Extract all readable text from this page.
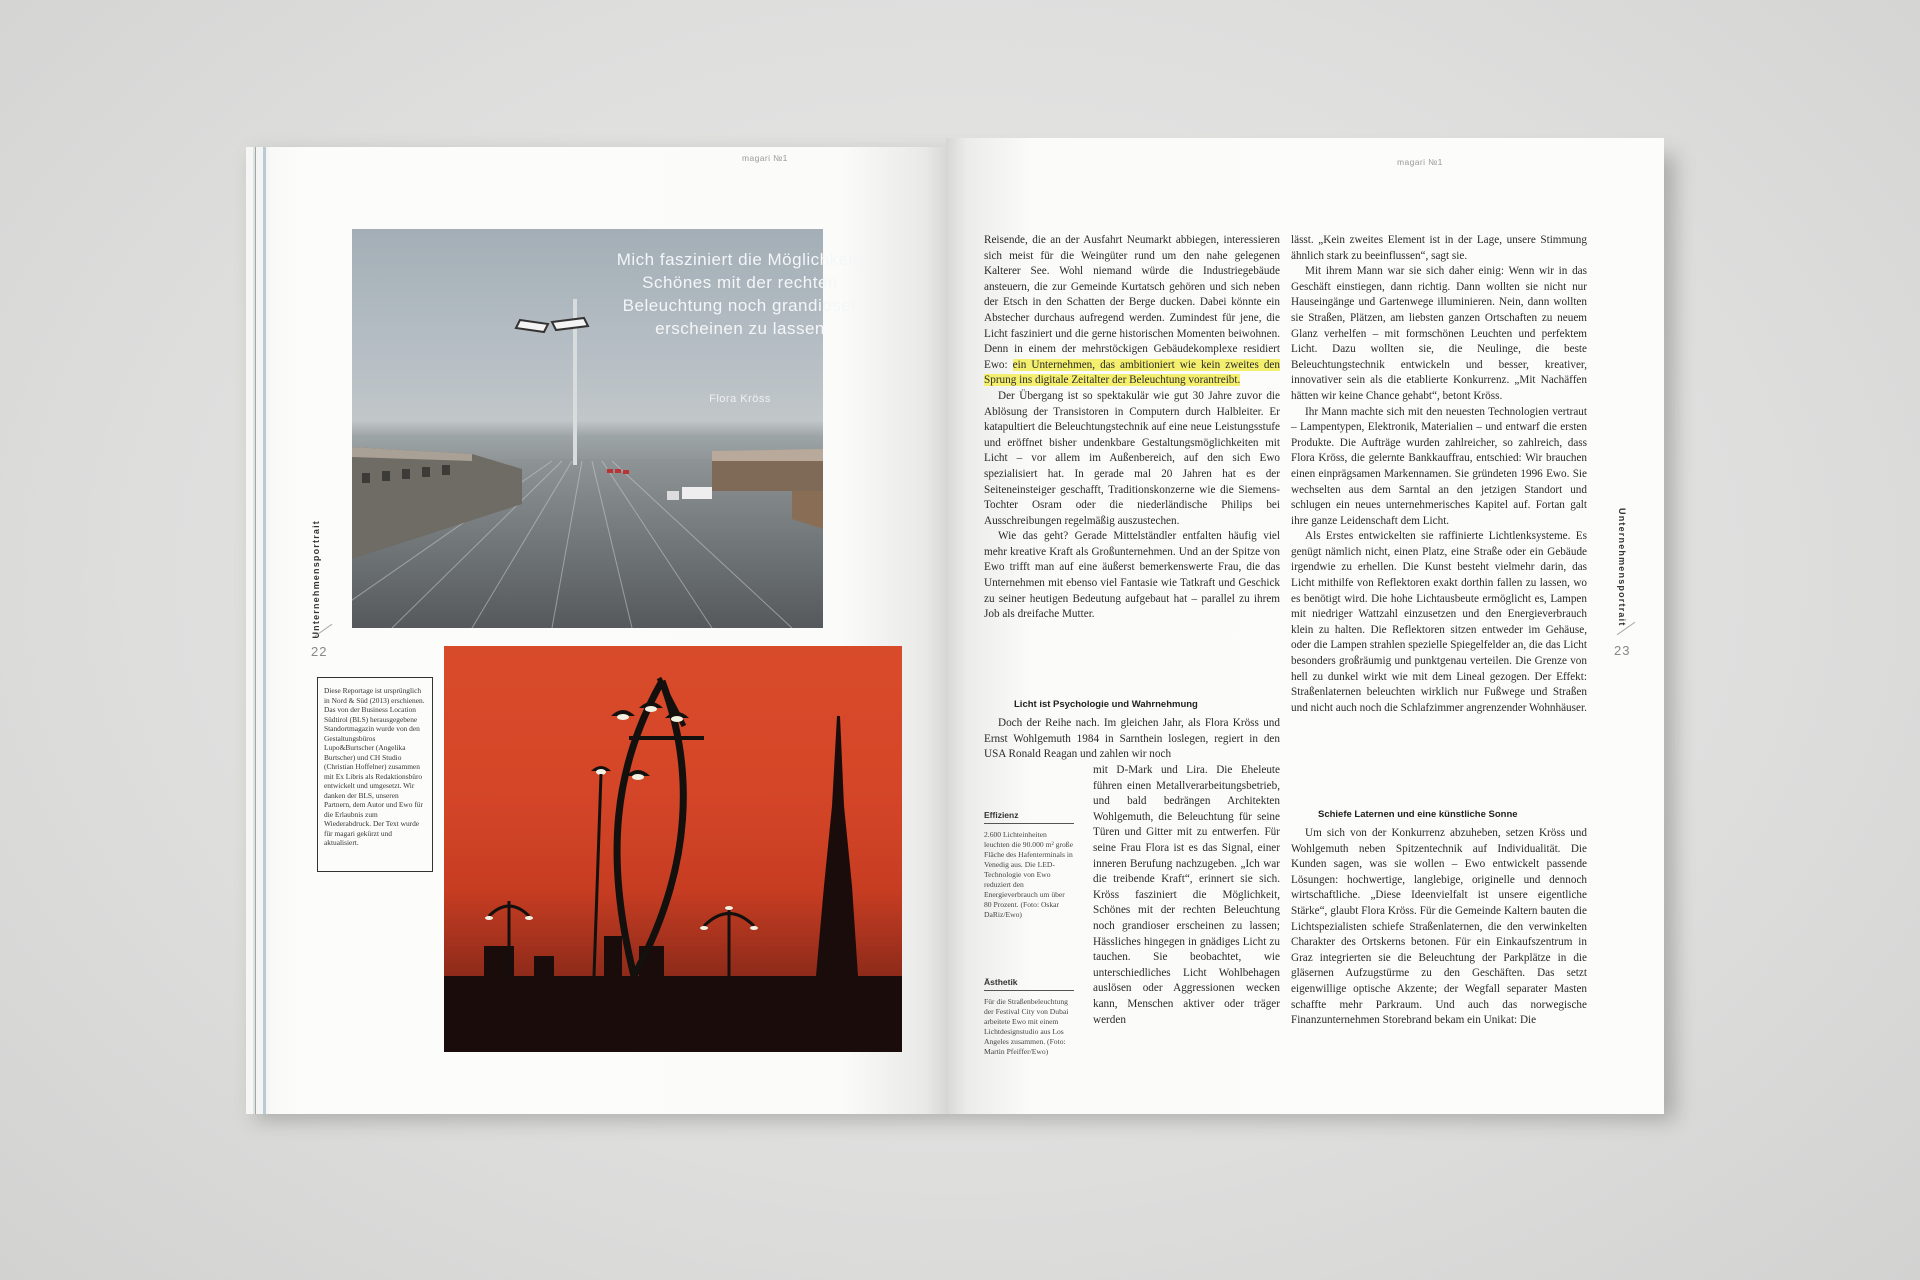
magari №1
Unternehmensportrait
22
Mich fasziniert die Möglichkeit, Schönes mit der rechten Beleuchtung noch grandioser erscheinen zu lassen
Flora Kröss
Diese Reportage ist ursprünglich in Nord & Süd (2013) erschienen. Das von der Business Location Südtirol (BLS) herausgegebene Standortmagazin wurde von den Gestaltungsbüros Lupo&Burtscher (Angelika Burtscher) und CH Studio (Christian Hoffelner) zusammen mit Ex Libris als Redaktionsbüro entwickelt und umgesetzt. Wir danken der BLS, unseren Partnern, dem Autor und Ewo für die Erlaubnis zum Wiederabdruck. Der Text wurde für magari gekürzt und aktualisiert.
magari №1
Unternehmensportrait
23

Reisende, die an der Ausfahrt Neumarkt abbiegen, interessieren sich meist für die Weingüter rund um den nahe gelegenen Kalterer See. Wohl niemand würde die Industriegebäude ansteuern, die zur Gemeinde Kurtatsch gehören und sich neben der Etsch in den Schatten der Berge ducken. Dabei könnte ein Abstecher durchaus aufregend werden. Zumindest für jene, die Licht fasziniert und die gerne historischen Momenten beiwohnen. Denn in einem der mehrstöckigen Gebäudekomplexe residiert Ewo: ein Unternehmen, das ambitioniert wie kein zweites den Sprung ins digitale Zeitalter der Beleuchtung vorantreibt.

Der Übergang ist so spektakulär wie gut 30 Jahre zuvor die Ablösung der Transistoren in Computern durch Halbleiter. Er katapultiert die Beleuchtungstechnik auf eine neue Leistungsstufe und eröffnet bisher undenkbare Gestaltungsmöglichkeiten mit Licht – vor allem im Außenbereich, auf den sich Ewo spezialisiert hat. In gerade mal 20 Jahren hat es der Seiteneinsteiger geschafft, Traditionskonzerne wie die Siemens-Tochter Osram oder die niederländische Philips bei Ausschreibungen regelmäßig auszustechen.

Wie das geht? Gerade Mittelständler entfalten häufig viel mehr kreative Kraft als Großunternehmen. Und an der Spitze von Ewo trifft man auf eine äußerst bemerkenswerte Frau, die das Unternehmen mit ebenso viel Fantasie wie Tatkraft und Geschick zu seiner heutigen Bedeutung aufgebaut hat – parallel zu ihrem Job als dreifache Mutter.

Licht ist Psychologie und Wahrnehmung

Doch der Reihe nach. Im gleichen Jahr, als Flora Kröss und Ernst Wohlgemuth 1984 in Sarnthein loslegen, regiert in den USA Ronald Reagan und zahlen wir noch

mit D-Mark und Lira. Die Eheleute führen einen Metallverarbeitungsbetrieb, und bald bedrängen Architekten Wohlgemuth, die Beleuchtung für seine Türen und Gitter mit zu entwerfen. Für seine Frau Flora ist es das Signal, einer inneren Berufung nachzugeben. „Ich war die treibende Kraft“, erinnert sie sich. Kröss fasziniert die Möglichkeit, Schönes mit der rechten Beleuchtung noch grandioser erscheinen zu lassen; Hässliches hingegen in gnädiges Licht zu tauchen. Sie beobachtet, wie unterschiedliches Licht Wohlbehagen auslösen oder Aggressionen wecken kann, Menschen aktiver oder träger werden

Effizienz
2.600 Lichteinheiten leuchten die 90.000 m² große Fläche des Hafenterminals in Venedig aus. Die LED-Technologie von Ewo reduziert den Energieverbrauch um über 80 Prozent. (Foto: Oskar DaRiz/Ewo)
Ästhetik
Für die Straßenbeleuchtung der Festival City von Dubai arbeitete Ewo mit einem Lichtdesignstudio aus Los Angeles zusammen. (Foto: Martin Pfeiffer/Ewo)

lässt. „Kein zweites Element ist in der Lage, unsere Stimmung ähnlich stark zu beeinflussen“, sagt sie.

Mit ihrem Mann war sie sich daher einig: Wenn wir in das Geschäft einstiegen, dann richtig. Dann wollten sie nicht nur Hauseingänge und Gartenwege illuminieren. Nein, dann wollten sie Straßen, Plätzen, am liebsten ganzen Ortschaften zu neuem Glanz verhelfen – mit formschönen Leuchten und perfektem Licht. Dazu wollten sie, die Neulinge, die beste Beleuchtungstechnik entwickeln und besser, kreativer, innovativer sein als die etablierte Konkurrenz. „Mit Nachäffen hätten wir keine Chance gehabt“, betont Kröss.

Ihr Mann machte sich mit den neuesten Technologien vertraut – Lampentypen, Elektronik, Materialien – und entwarf die ersten Produkte. Die Aufträge wurden zahlreicher, so zahlreich, dass Flora Kröss, die gelernte Bankkauffrau, entschied: Wir brauchen einen einprägsamen Markennamen. Sie gründeten 1996 Ewo. Sie wechselten aus dem Sarntal an den jetzigen Standort und schlugen ein neues unternehmerisches Kapitel auf. Fortan galt ihre ganze Leidenschaft dem Licht.

Als Erstes entwickelten sie raffinierte Lichtlenksysteme. Es genügt nämlich nicht, einen Platz, eine Straße oder ein Gebäude irgendwie zu erhellen. Die Kunst besteht vielmehr darin, das Licht mithilfe von Reflektoren exakt dorthin fallen zu lassen, wo es benötigt wird. Die hohe Lichtausbeute ermöglicht es, Lampen mit niedriger Wattzahl einzusetzen und den Energieverbrauch klein zu halten. Die Reflektoren sitzen entweder im Gehäuse, oder die Lampen strahlen spezielle Spiegelfelder an, die das Licht besonders großräumig und punktgenau verteilen. Die Grenze von hell zu dunkel wirkt wie mit dem Lineal gezogen. Der Effekt: Straßenlaternen beleuchten wirklich nur Fußwege und Straßen und nicht auch noch die Schlafzimmer angrenzender Wohnhäuser.

Schiefe Laternen und eine künstliche Sonne

Um sich von der Konkurrenz abzuheben, setzen Kröss und Wohlgemuth neben Spitzentechnik auf Individualität. Die Kunden sagen, was sie wollen – Ewo entwickelt passende Lösungen: hochwertige, langlebige, originelle und dennoch wirtschaftliche. „Diese Ideenvielfalt ist unsere eigentliche Stärke“, glaubt Flora Kröss. Für die Gemeinde Kaltern bauten die Lichtspezialisten schiefe Straßenlaternen, die den verwinkelten Charakter des Ortskerns betonen. Für ein Einkaufszentrum in Graz integrierten sie die Beleuchtung der Parkplätze in die gläsernen Aufzugstürme zu den Geschäften. Das setzt eigenwillige optische Akzente; der Wegfall separater Masten schaffte mehr Parkraum. Und auch das norwegische Finanzunternehmen Storebrand bekam ein Unikat: Die
